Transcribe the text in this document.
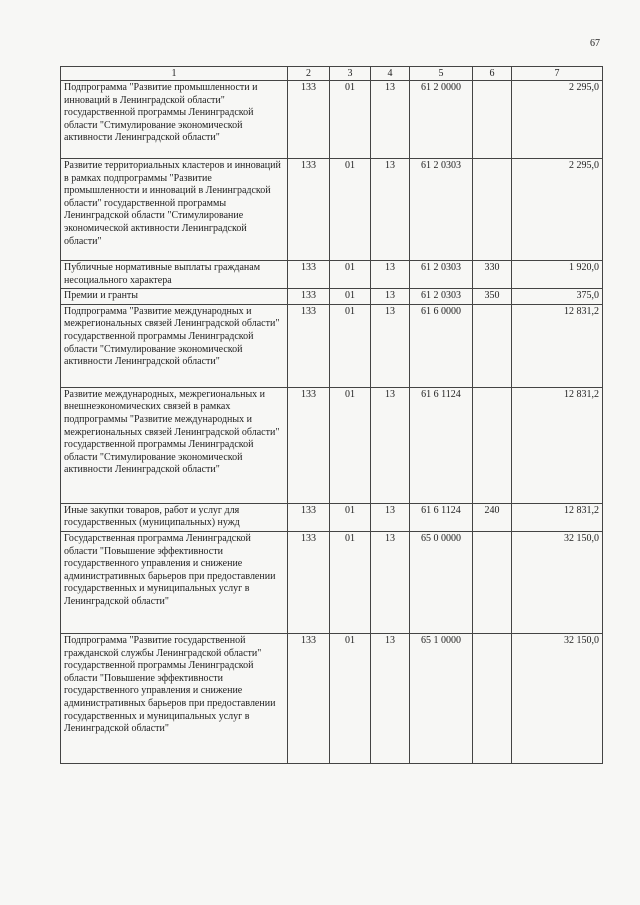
67
1	2	3	4	5	6	7
Подпрограмма "Развитие промышленности и инноваций в Ленинградской области" государственной программы Ленинградской области "Стимулирование экономической активности Ленинградской области"	133	01	13	61 2 0000		2 295,0
Развитие территориальных кластеров и инноваций в рамках подпрограммы "Развитие промышленности и инноваций в Ленинградской области" государственной программы Ленинградской области "Стимулирование экономической активности Ленинградской области"	133	01	13	61 2 0303		2 295,0
Публичные нормативные выплаты гражданам несоциального характера	133	01	13	61 2 0303	330	1 920,0
Премии и гранты	133	01	13	61 2 0303	350	375,0
Подпрограмма "Развитие международных и межрегиональных связей Ленинградской области" государственной программы Ленинградской области "Стимулирование экономической активности Ленинградской области"	133	01	13	61 6 0000		12 831,2
Развитие международных, межрегиональных и внешнеэкономических связей в рамках подпрограммы "Развитие международных и межрегиональных связей Ленинградской области" государственной программы Ленинградской области "Стимулирование экономической активности Ленинградской области"	133	01	13	61 6 1124		12 831,2
Иные закупки товаров, работ и услуг для государственных (муниципальных) нужд	133	01	13	61 6 1124	240	12 831,2
Государственная программа Ленинградской области "Повышение эффективности государственного управления и снижение административных барьеров при предоставлении государственных и муниципальных услуг в Ленинградской области"	133	01	13	65 0 0000		32 150,0
Подпрограмма "Развитие государственной гражданской службы Ленинградской области" государственной программы Ленинградской области "Повышение эффективности государственного управления и снижение административных барьеров при предоставлении государственных и муниципальных услуг в Ленинградской области"	133	01	13	65 1 0000		32 150,0
